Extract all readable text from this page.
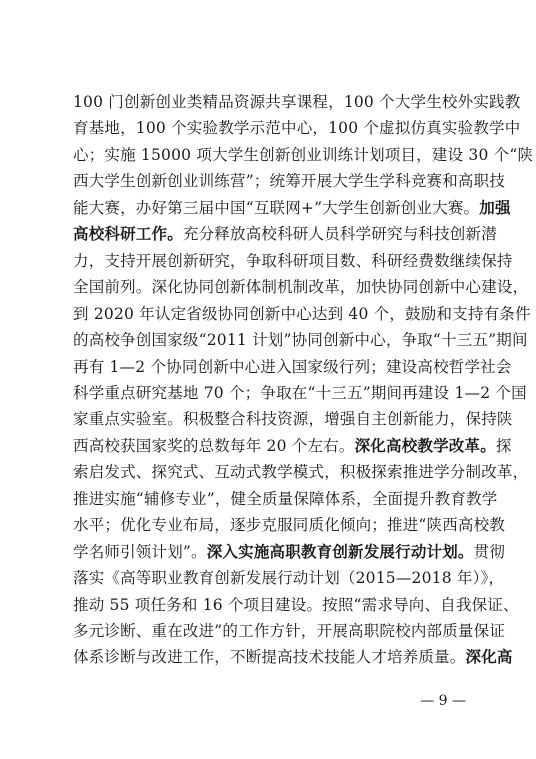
100 门创新创业类精品资源共享课程，100 个大学生校外实践教
育基地，100 个实验教学示范中心，100 个虚拟仿真实验教学中
心；实施 15000 项大学生创新创业训练计划项目，建设 30 个“陕
西大学生创新创业训练营”；统筹开展大学生学科竞赛和高职技
能大赛，办好第三届中国“互联网+”大学生创新创业大赛。加强
高校科研工作。充分释放高校科研人员科学研究与科技创新潜
力，支持开展创新研究，争取科研项目数、科研经费数继续保持
全国前列。深化协同创新体制机制改革，加快协同创新中心建设，
到 2020 年认定省级协同创新中心达到 40 个，鼓励和支持有条件
的高校争创国家级“2011 计划”协同创新中心，争取“十三五”期间
再有 1—2 个协同创新中心进入国家级行列；建设高校哲学社会
科学重点研究基地 70 个；争取在“十三五”期间再建设 1—2 个国
家重点实验室。积极整合科技资源，增强自主创新能力，保持陕
西高校获国家奖的总数每年 20 个左右。深化高校教学改革。探
索启发式、探究式、互动式教学模式，积极探索推进学分制改革，
推进实施“辅修专业”，健全质量保障体系，全面提升教育教学
水平；优化专业布局，逐步克服同质化倾向；推进“陕西高校教
学名师引领计划”。深入实施高职教育创新发展行动计划。贯彻
落实《高等职业教育创新发展行动计划（2015—2018 年）》，
推动 55 项任务和 16 个项目建设。按照“需求导向、自我保证、
多元诊断、重在改进”的工作方针，开展高职院校内部质量保证
体系诊断与改进工作，不断提高技术技能人才培养质量。深化高
— 9 —
